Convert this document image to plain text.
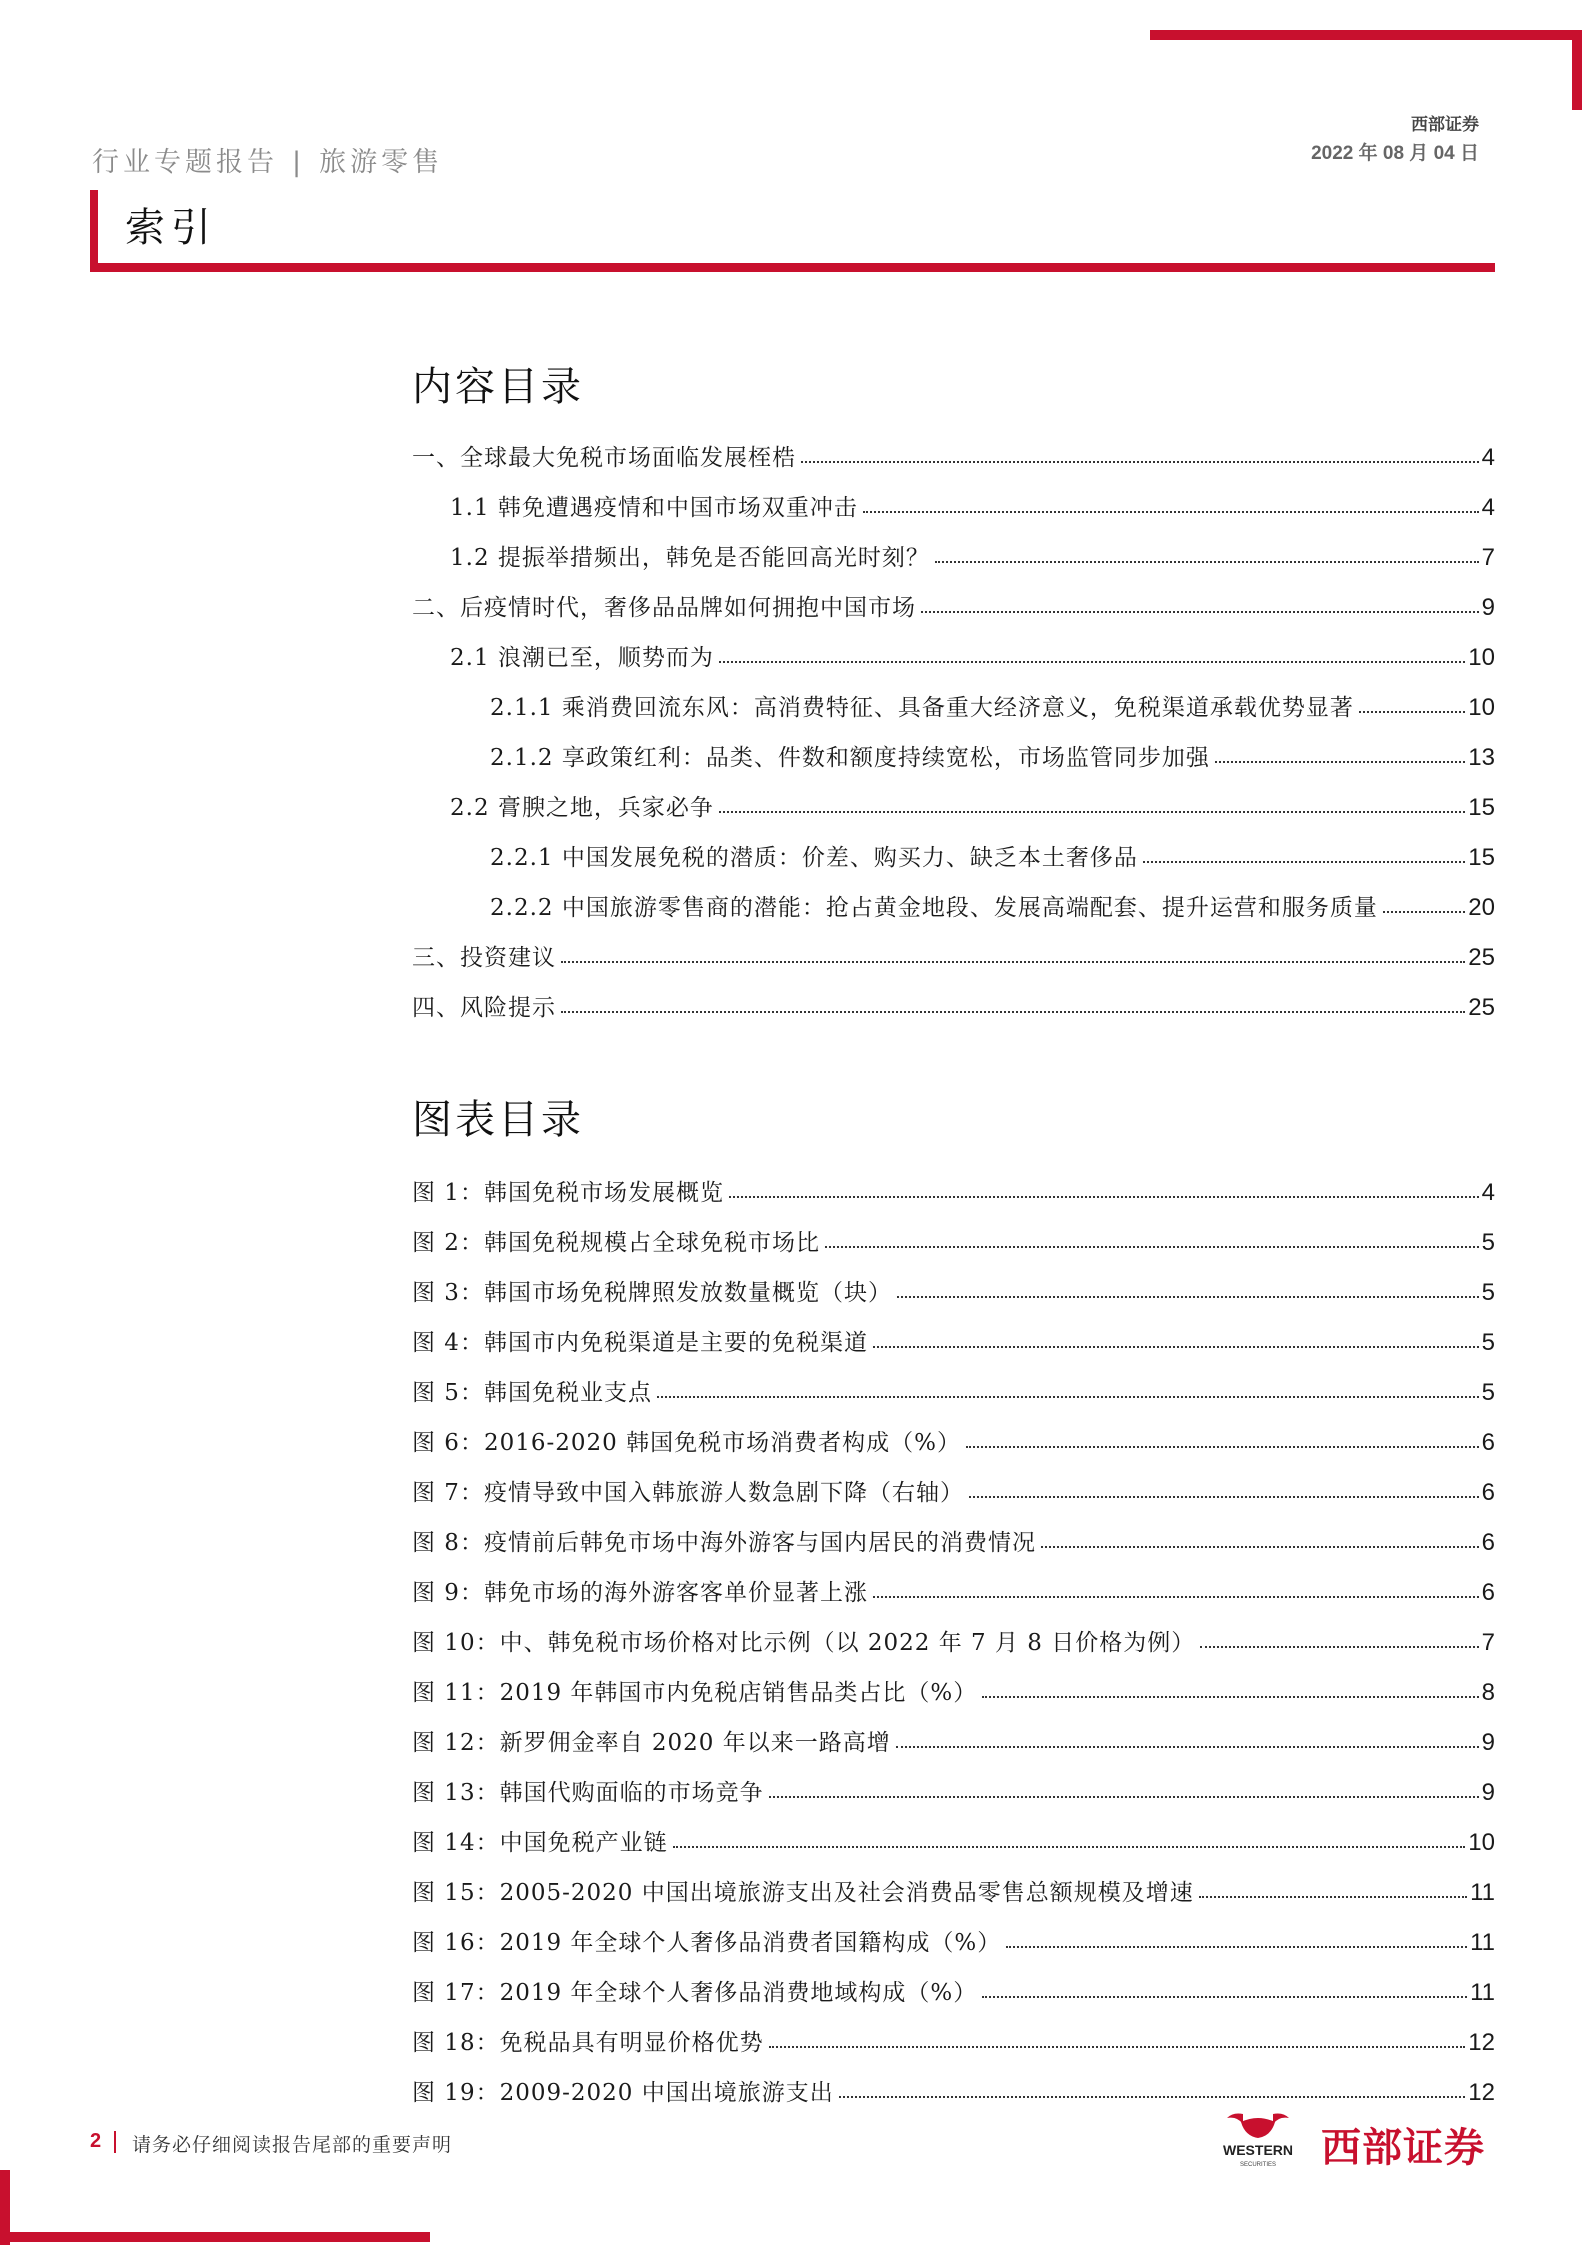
行业专题报告 | 旅游零售
西部证券
2022 年 08 月 04 日
索引
内容目录
一、全球最大免税市场面临发展桎梏	4
1.1 韩免遭遇疫情和中国市场双重冲击	4
1.2 提振举措频出，韩免是否能回高光时刻？	7
二、后疫情时代，奢侈品品牌如何拥抱中国市场	9
2.1 浪潮已至，顺势而为	10
2.1.1 乘消费回流东风：高消费特征、具备重大经济意义，免税渠道承载优势显著	10
2.1.2 享政策红利：品类、件数和额度持续宽松，市场监管同步加强	13
2.2 膏腴之地，兵家必争	15
2.2.1 中国发展免税的潜质：价差、购买力、缺乏本土奢侈品	15
2.2.2 中国旅游零售商的潜能：抢占黄金地段、发展高端配套、提升运营和服务质量	20
三、投资建议	25
四、风险提示	25
图表目录
图 1：韩国免税市场发展概览	4
图 2：韩国免税规模占全球免税市场比	5
图 3：韩国市场免税牌照发放数量概览（块）	5
图 4：韩国市内免税渠道是主要的免税渠道	5
图 5：韩国免税业支点	5
图 6：2016-2020 韩国免税市场消费者构成（%）	6
图 7：疫情导致中国入韩旅游人数急剧下降（右轴）	6
图 8：疫情前后韩免市场中海外游客与国内居民的消费情况	6
图 9：韩免市场的海外游客客单价显著上涨	6
图 10：中、韩免税市场价格对比示例（以 2022 年 7 月 8 日价格为例）	7
图 11：2019 年韩国市内免税店销售品类占比（%）	8
图 12：新罗佣金率自 2020 年以来一路高增	9
图 13：韩国代购面临的市场竞争	9
图 14：中国免税产业链	10
图 15：2005-2020 中国出境旅游支出及社会消费品零售总额规模及增速	11
图 16：2019 年全球个人奢侈品消费者国籍构成（%）	11
图 17：2019 年全球个人奢侈品消费地域构成（%）	11
图 18：免税品具有明显价格优势	12
图 19：2009-2020 中国出境旅游支出	12
2 请务必仔细阅读报告尾部的重要声明	WESTERN
SECURITIES 西部证券
